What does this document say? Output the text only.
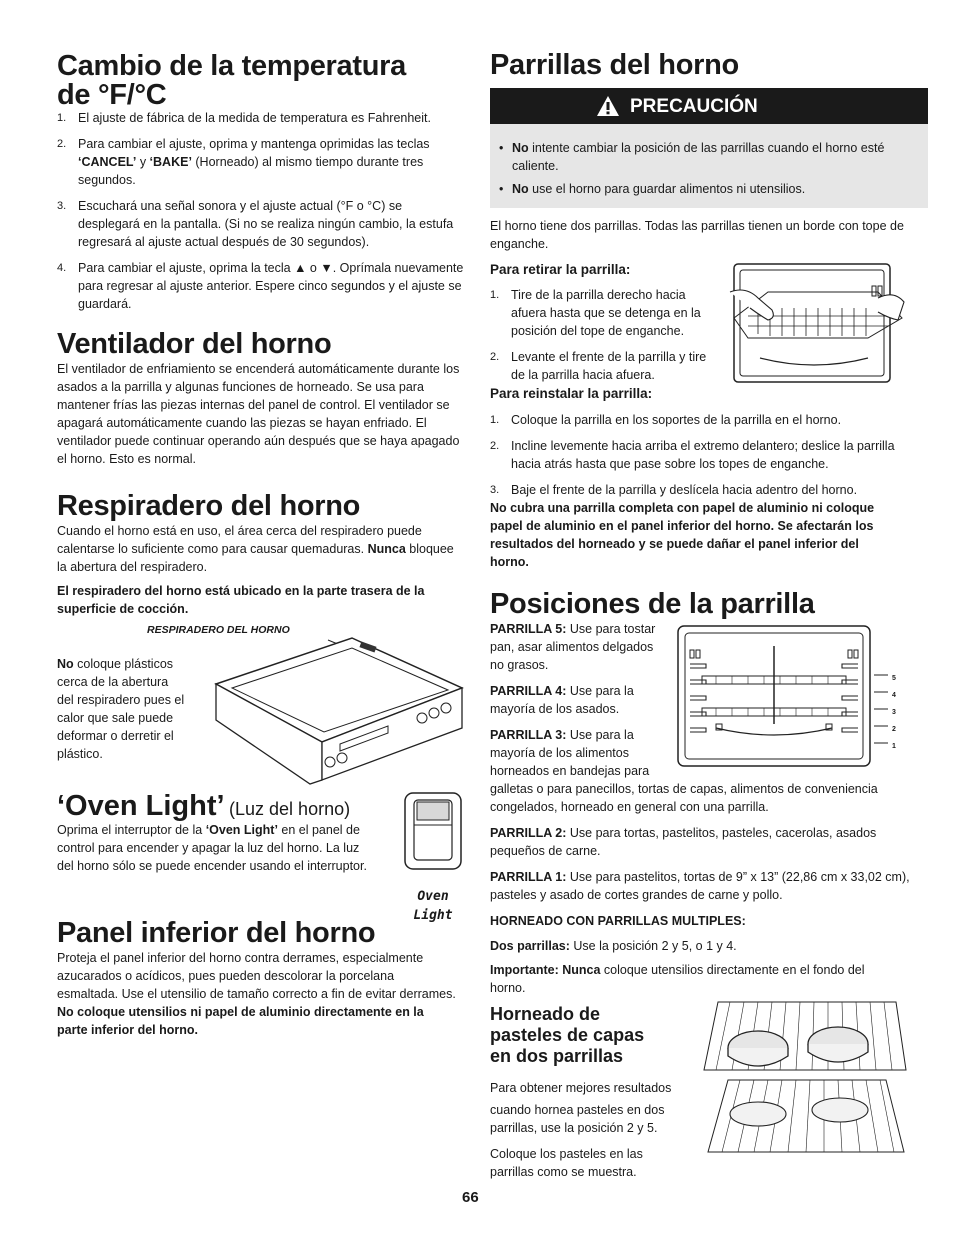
Cambio de la temperatura
de °F/°C
1. El ajuste de fábrica de la medida de temperatura es Fahrenheit.
2. Para cambiar el ajuste, oprima y mantenga oprimidas las teclas ‘CANCEL’ y ‘BAKE’ (Horneado) al mismo tiempo durante tres segundos.
3. Escuchará una señal sonora y el ajuste actual (°F o °C) se desplegará en la pantalla. (Si no se realiza ningún cambio, la estufa regresará al ajuste actual después de 30 segundos).
4. Para cambiar el ajuste, oprima la tecla ▲ o ▼. Oprímala nuevamente para regresar al ajuste anterior. Espere cinco segundos y el ajuste se guardará.
Ventilador del horno

El ventilador de enfriamiento se encenderá automáticamente durante los asados a la parrilla y algunas funciones de horneado. Se usa para mantener frías las piezas internas del panel de control. El ventilador se apagará automáticamente cuando las piezas se hayan enfriado. El ventilador puede continuar operando aún después que se haya apagado el horno. Esto es normal.

Respiradero del horno

Cuando el horno está en uso, el área cerca del respiradero puede calentarse lo suficiente como para causar quemaduras. Nunca bloquee la abertura del respiradero.

El respiradero del horno está ubicado en la parte trasera de la superficie de cocción.

RESPIRADERO DEL HORNO

No coloque plásticos cerca de la abertura del respiradero pues el calor que sale puede deformar o derretir el plástico.

‘Oven Light’ (Luz del horno)

Oprima el interruptor de la ‘Oven Light’ en el panel de control para encender y apagar la luz del horno. La luz del horno sólo se puede encender usando el interruptor.

Oven
Light
Panel inferior del horno

Proteja el panel inferior del horno contra derrames, especialmente azucarados o acídicos, pues pueden descolorar la porcelana esmaltada. Use el utensilio de tamaño correcto a fin de evitar derrames. No coloque utensilios ni papel de aluminio directamente en la parte inferior del horno.

Parrillas del horno
PRECAUCIÓN
• No intente cambiar la posición de las parrillas cuando el horno esté caliente.
• No use el horno para guardar alimentos ni utensilios.

El horno tiene dos parrillas. Todas las parrillas tienen un borde con tope de enganche.

Para retirar la parrilla:
1. Tire de la parrilla derecho hacia afuera hasta que se detenga en la posición del tope de enganche.
2. Levante el frente de la parrilla y tire de la parrilla hacia afuera.
Para reinstalar la parrilla:
1. Coloque la parrilla en los soportes de la parrilla en el horno.
2. Incline levemente hacia arriba el extremo delantero; deslice la parrilla hacia atrás hasta que pase sobre los topes de enganche.
3. Baje el frente de la parrilla y deslícela hacia adentro del horno.

No cubra una parrilla completa con papel de aluminio ni coloque papel de aluminio en el panel inferior del horno. Se afectarán los resultados del horneado y se puede dañar el panel inferior del horno.

Posiciones de la parrilla

PARRILLA 5: Use para tostar pan, asar alimentos delgados no grasos.

PARRILLA 4: Use para la mayoría de los asados.

PARRILLA 3: Use para la mayoría de los alimentos horneados en bandejas para

galletas o para panecillos, tortas de capas, alimentos de conveniencia congelados, horneado en general con una parrilla.

5
4
3
2
1

PARRILLA 2: Use para tortas, pastelitos, pasteles, cacerolas, asados pequeños de carne.

PARRILLA 1: Use para pastelitos, tortas de 9” x 13” (22,86 cm x 33,02 cm), pasteles y asado de cortes grandes de carne y pollo.

HORNEADO CON PARRILLAS MULTIPLES:

Dos parrillas: Use la posición 2 y 5, o 1 y 4.

Importante: Nunca coloque utensilios directamente en el fondo del horno.

Horneado de
pasteles de capas
en dos parrillas

Para obtener mejores resultados

cuando hornea pasteles en dos parrillas, use la posición 2 y 5.

Coloque los pasteles en las parrillas como se muestra.

66
